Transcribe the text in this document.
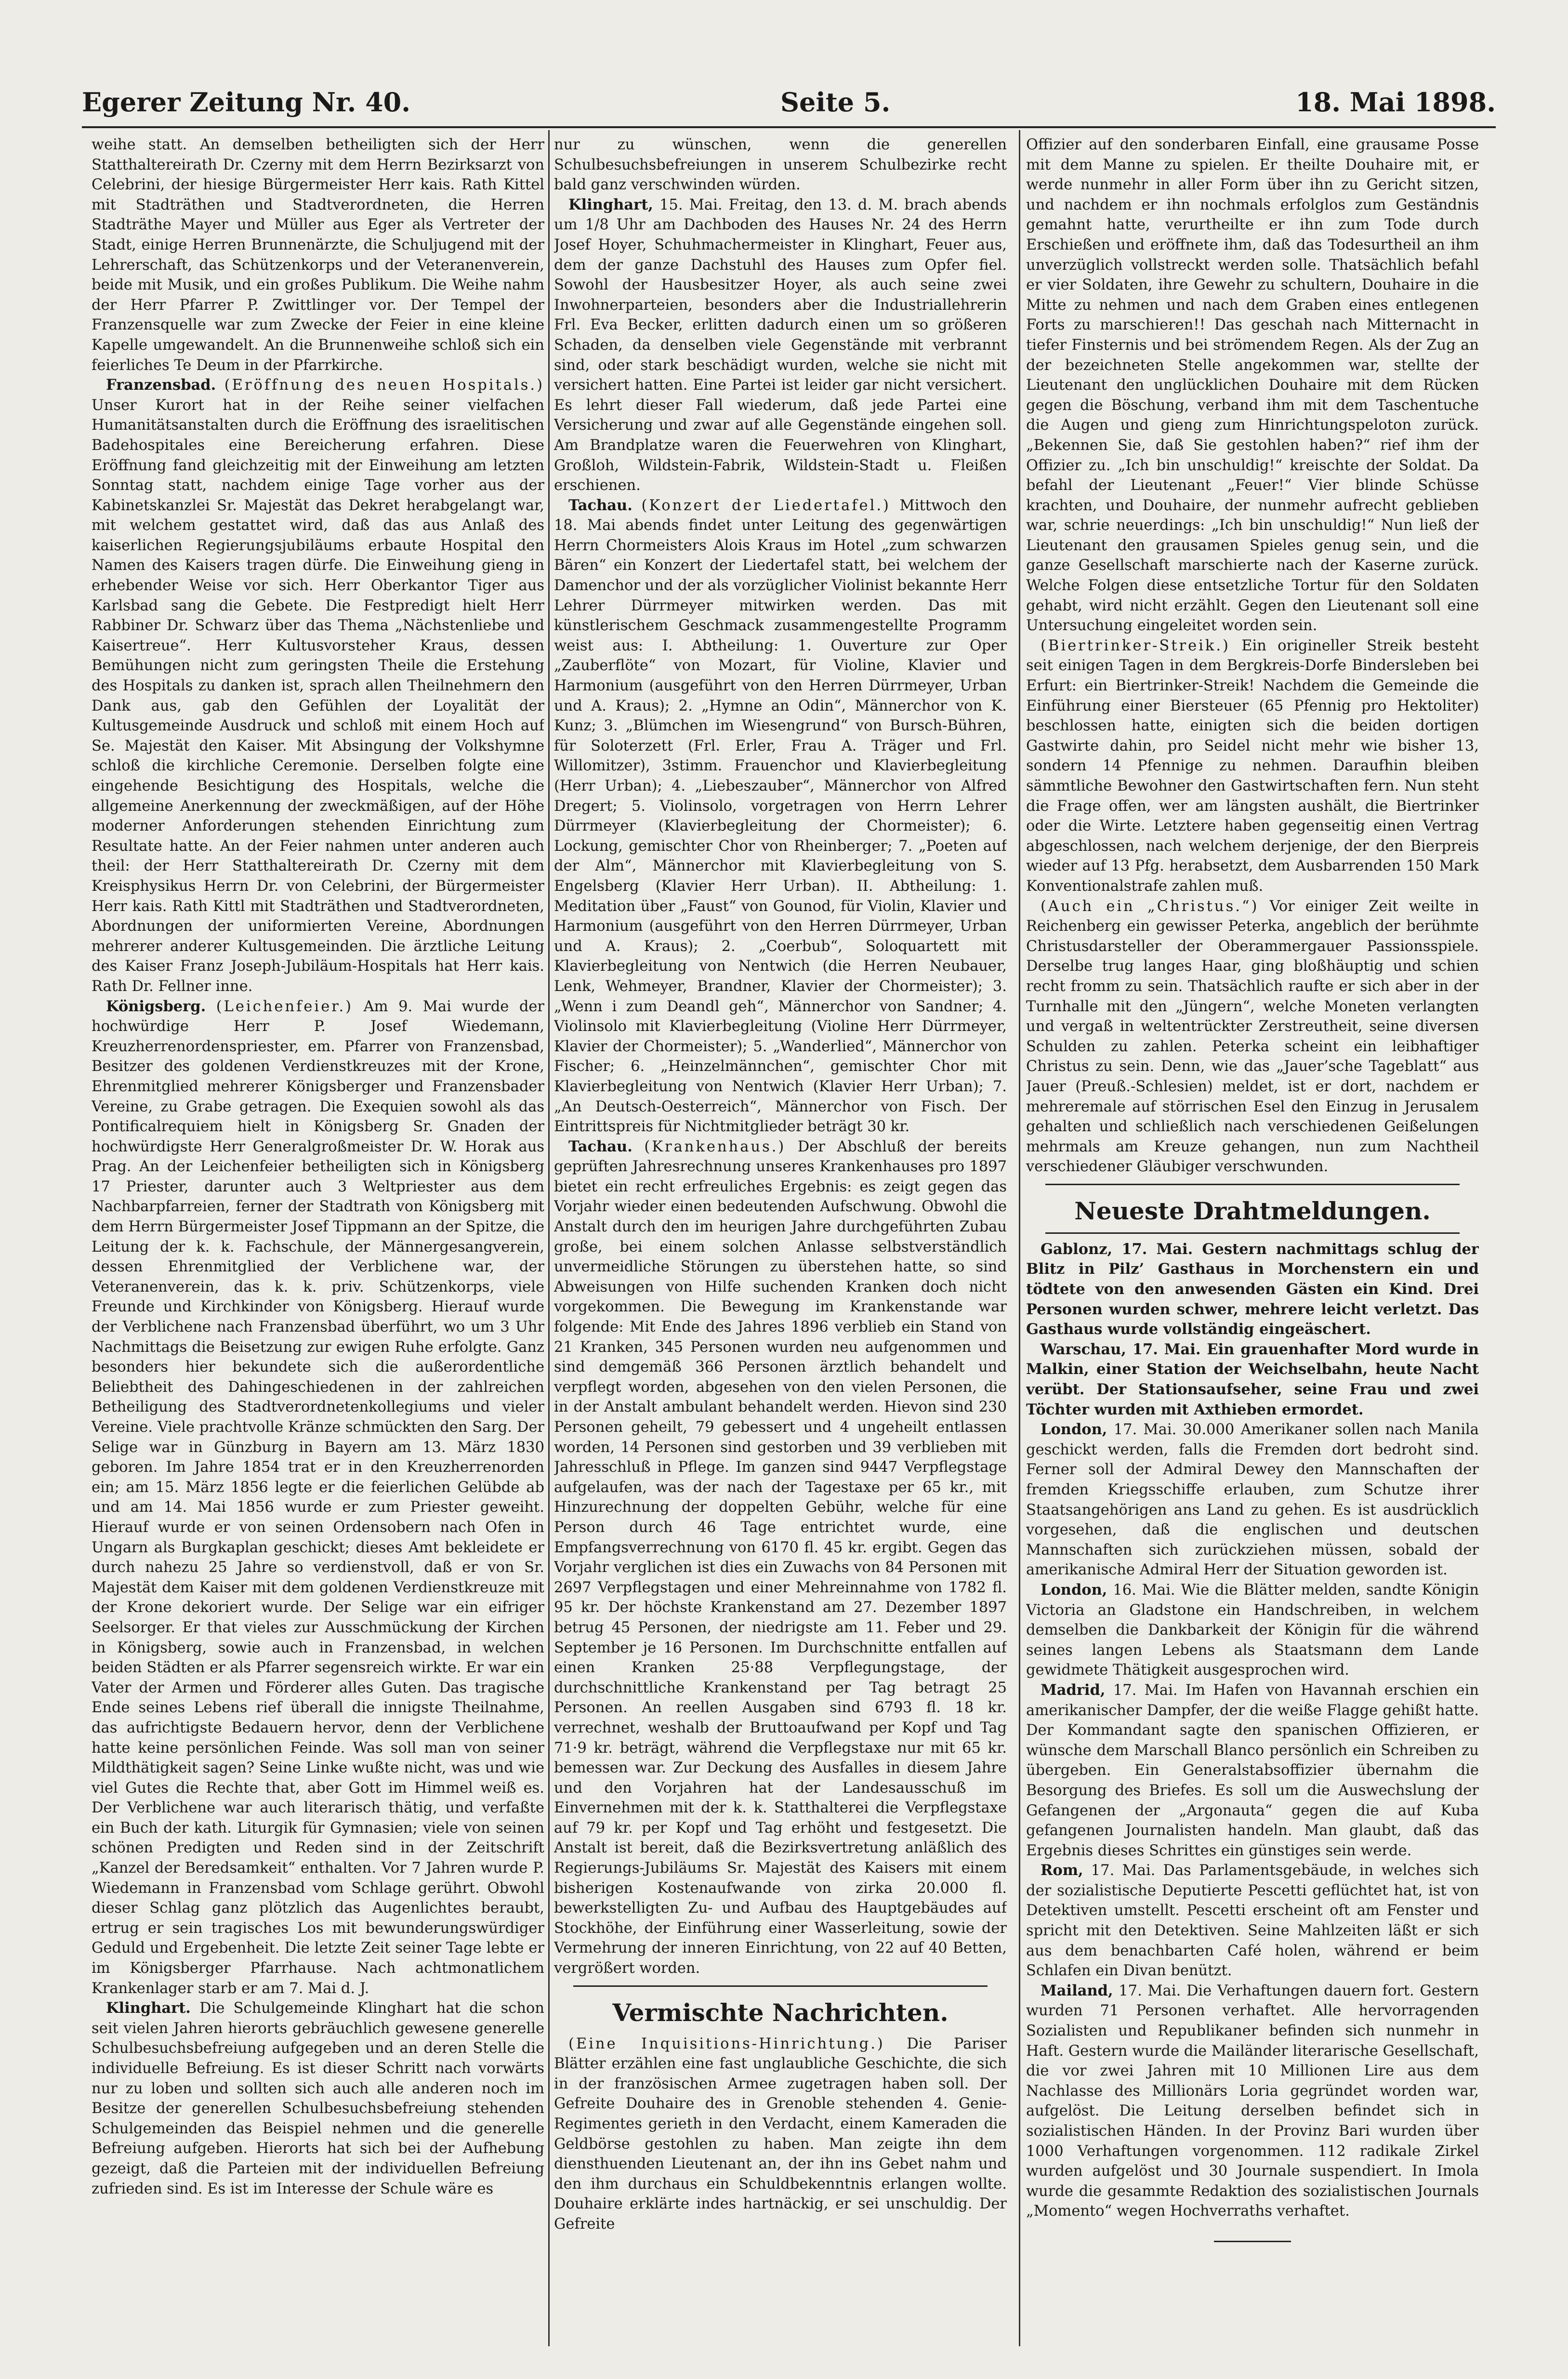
Egerer Zeitung Nr. 40.	Seite 5.	18. Mai 1898.

weihe statt. An demselben betheiligten sich der Herr Statthaltereirath Dr. Czerny mit dem Herrn Bezirksarzt von Celebrini, der hiesige Bürgermeister Herr kais. Rath Kittel mit Stadträthen und Stadtverordneten, die Herren Stadträthe Mayer und Müller aus Eger als Vertreter der Stadt, einige Herren Brunnenärzte, die Schuljugend mit der Lehrerschaft, das Schützenkorps und der Veteranenverein, beide mit Musik, und ein großes Publikum. Die Weihe nahm der Herr Pfarrer P. Zwittlinger vor. Der Tempel der Franzensquelle war zum Zwecke der Feier in eine kleine Kapelle umgewandelt. An die Brunnenweihe schloß sich ein feierliches Te Deum in der Pfarrkirche.

Franzensbad. (Eröffnung des neuen Hospitals.) Unser Kurort hat in der Reihe seiner vielfachen Humanitätsanstalten durch die Eröffnung des israelitischen Badehospitales eine Bereicherung erfahren. Diese Eröffnung fand gleichzeitig mit der Einweihung am letzten Sonntag statt, nachdem einige Tage vorher aus der Kabinetskanzlei Sr. Majestät das Dekret herabgelangt war, mit welchem gestattet wird, daß das aus Anlaß des kaiserlichen Regierungsjubiläums erbaute Hospital den Namen des Kaisers tragen dürfe. Die Einweihung gieng in erhebender Weise vor sich. Herr Oberkantor Tiger aus Karlsbad sang die Gebete. Die Festpredigt hielt Herr Rabbiner Dr. Schwarz über das Thema „Nächstenliebe und Kaisertreue“. Herr Kultusvorsteher Kraus, dessen Bemühungen nicht zum geringsten Theile die Erstehung des Hospitals zu danken ist, sprach allen Theilnehmern den Dank aus, gab den Gefühlen der Loyalität der Kultusgemeinde Ausdruck und schloß mit einem Hoch auf Se. Majestät den Kaiser. Mit Absingung der Volkshymne schloß die kirchliche Ceremonie. Derselben folgte eine eingehende Besichtigung des Hospitals, welche die allgemeine Anerkennung der zweckmäßigen, auf der Höhe moderner Anforderungen stehenden Einrichtung zum Resultate hatte. An der Feier nahmen unter anderen auch theil: der Herr Statthaltereirath Dr. Czerny mit dem Kreisphysikus Herrn Dr. von Celebrini, der Bürgermeister Herr kais. Rath Kittl mit Stadträthen und Stadtverordneten, Abordnungen der uniformierten Vereine, Abordnungen mehrerer anderer Kultusgemeinden. Die ärztliche Leitung des Kaiser Franz Joseph-Jubiläum-Hospitals hat Herr kais. Rath Dr. Fellner inne.

Königsberg. (Leichenfeier.) Am 9. Mai wurde der hochwürdige Herr P. Josef Wiedemann, Kreuzherrenordenspriester, em. Pfarrer von Franzensbad, Besitzer des goldenen Verdienstkreuzes mit der Krone, Ehrenmitglied mehrerer Königsberger und Franzensbader Vereine, zu Grabe getragen. Die Exequien sowohl als das Pontificalrequiem hielt in Königsberg Sr. Gnaden der hochwürdigste Herr Generalgroßmeister Dr. W. Horak aus Prag. An der Leichenfeier betheiligten sich in Königsberg 17 Priester, darunter auch 3 Weltpriester aus dem Nachbarpfarreien, ferner der Stadtrath von Königsberg mit dem Herrn Bürgermeister Josef Tippmann an der Spitze, die Leitung der k. k. Fachschule, der Männergesangverein, dessen Ehrenmitglied der Verblichene war, der Veteranenverein, das k. k. priv. Schützenkorps, viele Freunde und Kirchkinder von Königsberg. Hierauf wurde der Verblichene nach Franzensbad überführt, wo um 3 Uhr Nachmittags die Beisetzung zur ewigen Ruhe erfolgte. Ganz besonders hier bekundete sich die außerordentliche Beliebtheit des Dahingeschiedenen in der zahlreichen Betheiligung des Stadtverordnetenkollegiums und vieler Vereine. Viele prachtvolle Kränze schmückten den Sarg. Der Selige war in Günzburg in Bayern am 13. März 1830 geboren. Im Jahre 1854 trat er in den Kreuzherrenorden ein; am 15. März 1856 legte er die feierlichen Gelübde ab und am 14. Mai 1856 wurde er zum Priester geweiht. Hierauf wurde er von seinen Ordensobern nach Ofen in Ungarn als Burgkaplan geschickt; dieses Amt bekleidete er durch nahezu 25 Jahre so verdienstvoll, daß er von Sr. Majestät dem Kaiser mit dem goldenen Verdienstkreuze mit der Krone dekoriert wurde. Der Selige war ein eifriger Seelsorger. Er that vieles zur Ausschmückung der Kirchen in Königsberg, sowie auch in Franzensbad, in welchen beiden Städten er als Pfarrer segensreich wirkte. Er war ein Vater der Armen und Förderer alles Guten. Das tragische Ende seines Lebens rief überall die innigste Theilnahme, das aufrichtigste Bedauern hervor, denn der Verblichene hatte keine persönlichen Feinde. Was soll man von seiner Mildthätigkeit sagen? Seine Linke wußte nicht, was und wie viel Gutes die Rechte that, aber Gott im Himmel weiß es. Der Verblichene war auch literarisch thätig, und verfaßte ein Buch der kath. Liturgik für Gymnasien; viele von seinen schönen Predigten und Reden sind in der Zeitschrift „Kanzel der Beredsamkeit“ enthalten. Vor 7 Jahren wurde P. Wiedemann in Franzensbad vom Schlage gerührt. Obwohl dieser Schlag ganz plötzlich das Augenlichtes beraubt, ertrug er sein tragisches Los mit bewunderungswürdiger Geduld und Ergebenheit. Die letzte Zeit seiner Tage lebte er im Königsberger Pfarrhause. Nach achtmonatlichem Krankenlager starb er am 7. Mai d. J.

Klinghart. Die Schulgemeinde Klinghart hat die schon seit vielen Jahren hierorts gebräuchlich gewesene generelle Schulbesuchsbefreiung aufgegeben und an deren Stelle die individuelle Befreiung. Es ist dieser Schritt nach vorwärts nur zu loben und sollten sich auch alle anderen noch im Besitze der generellen Schulbesuchsbefreiung stehenden Schulgemeinden das Beispiel nehmen und die generelle Befreiung aufgeben. Hierorts hat sich bei der Aufhebung gezeigt, daß die Parteien mit der individuellen Befreiung zufrieden sind. Es ist im Interesse der Schule wäre es

nur zu wünschen, wenn die generellen Schulbesuchsbefreiungen in unserem Schulbezirke recht bald ganz verschwinden würden.

Klinghart, 15. Mai. Freitag, den 13. d. M. brach abends um 1/8 Uhr am Dachboden des Hauses Nr. 24 des Herrn Josef Hoyer, Schuhmachermeister in Klinghart, Feuer aus, dem der ganze Dachstuhl des Hauses zum Opfer fiel. Sowohl der Hausbesitzer Hoyer, als auch seine zwei Inwohnerparteien, besonders aber die Industriallehrerin Frl. Eva Becker, erlitten dadurch einen um so größeren Schaden, da denselben viele Gegenstände mit verbrannt sind, oder stark beschädigt wurden, welche sie nicht mit versichert hatten. Eine Partei ist leider gar nicht versichert. Es lehrt dieser Fall wiederum, daß jede Partei eine Versicherung und zwar auf alle Gegenstände eingehen soll. Am Brandplatze waren die Feuerwehren von Klinghart, Großloh, Wildstein-Fabrik, Wildstein-Stadt u. Fleißen erschienen.

Tachau. (Konzert der Liedertafel.) Mittwoch den 18. Mai abends findet unter Leitung des gegenwärtigen Herrn Chormeisters Alois Kraus im Hotel „zum schwarzen Bären“ ein Konzert der Liedertafel statt, bei welchem der Damenchor und der als vorzüglicher Violinist bekannte Herr Lehrer Dürrmeyer mitwirken werden. Das mit künstlerischem Geschmack zusammengestellte Programm weist aus: I. Abtheilung: 1. Ouverture zur Oper „Zauberflöte“ von Mozart, für Violine, Klavier und Harmonium (ausgeführt von den Herren Dürrmeyer, Urban und A. Kraus); 2. „Hymne an Odin“, Männerchor von K. Kunz; 3. „Blümchen im Wiesengrund“ von Bursch-Bühren, für Soloterzett (Frl. Erler, Frau A. Träger und Frl. Willomitzer), 3stimm. Frauenchor und Klavierbegleitung (Herr Urban); 4. „Liebeszauber“, Männerchor von Alfred Dregert; 5. Violinsolo, vorgetragen von Herrn Lehrer Dürrmeyer (Klavierbegleitung der Chormeister); 6. Lockung, gemischter Chor von Rheinberger; 7. „Poeten auf der Alm“, Männerchor mit Klavierbegleitung von S. Engelsberg (Klavier Herr Urban). II. Abtheilung: 1. Meditation über „Faust“ von Gounod, für Violin, Klavier und Harmonium (ausgeführt von den Herren Dürrmeyer, Urban und A. Kraus); 2. „Coerbub“, Soloquartett mit Klavierbegleitung von Nentwich (die Herren Neubauer, Lenk, Wehmeyer, Brandner, Klavier der Chormeister); 3. „Wenn i zum Deandl geh“, Männerchor von Sandner; 4. Violinsolo mit Klavierbegleitung (Violine Herr Dürrmeyer, Klavier der Chormeister); 5. „Wanderlied“, Männerchor von Fischer; 6. „Heinzelmännchen“, gemischter Chor mit Klavierbegleitung von Nentwich (Klavier Herr Urban); 7. „An Deutsch-Oesterreich“, Männerchor von Fisch. Der Eintrittspreis für Nichtmitglieder beträgt 30 kr.

Tachau. (Krankenhaus.) Der Abschluß der bereits geprüften Jahresrechnung unseres Krankenhauses pro 1897 bietet ein recht erfreuliches Ergebnis: es zeigt gegen das Vorjahr wieder einen bedeutenden Aufschwung. Obwohl die Anstalt durch den im heurigen Jahre durchgeführten Zubau große, bei einem solchen Anlasse selbstverständlich unvermeidliche Störungen zu überstehen hatte, so sind Abweisungen von Hilfe suchenden Kranken doch nicht vorgekommen. Die Bewegung im Krankenstande war folgende: Mit Ende des Jahres 1896 verblieb ein Stand von 21 Kranken, 345 Personen wurden neu aufgenommen und sind demgemäß 366 Personen ärztlich behandelt und verpflegt worden, abgesehen von den vielen Personen, die in der Anstalt ambulant behandelt werden. Hievon sind 230 Personen geheilt, 79 gebessert und 4 ungeheilt entlassen worden, 14 Personen sind gestorben und 39 verblieben mit Jahresschluß in Pflege. Im ganzen sind 9447 Verpflegstage aufgelaufen, was der nach der Tagestaxe per 65 kr., mit Hinzurechnung der doppelten Gebühr, welche für eine Person durch 46 Tage entrichtet wurde, eine Empfangsverrechnung von 6170 fl. 45 kr. ergibt. Gegen das Vorjahr verglichen ist dies ein Zuwachs von 84 Personen mit 2697 Verpflegstagen und einer Mehreinnahme von 1782 fl. 95 kr. Der höchste Krankenstand am 27. Dezember 1897 betrug 45 Personen, der niedrigste am 11. Feber und 29. September je 16 Personen. Im Durchschnitte entfallen auf einen Kranken 25·88 Verpflegungstage, der durchschnittliche Krankenstand per Tag betragt 25 Personen. An reellen Ausgaben sind 6793 fl. 18 kr. verrechnet, weshalb der Bruttoaufwand per Kopf und Tag 71·9 kr. beträgt, während die Verpflegstaxe nur mit 65 kr. bemessen war. Zur Deckung des Ausfalles in diesem Jahre und den Vorjahren hat der Landesausschuß im Einvernehmen mit der k. k. Statthalterei die Verpflegstaxe auf 79 kr. per Kopf und Tag erhöht und festgesetzt. Die Anstalt ist bereit, daß die Bezirksvertretung anläßlich des Regierungs-Jubiläums Sr. Majestät des Kaisers mit einem bisherigen Kostenaufwande von zirka 20.000 fl. bewerkstelligten Zu- und Aufbau des Hauptgebäudes auf Stockhöhe, der Einführung einer Wasserleitung, sowie der Vermehrung der inneren Einrichtung, von 22 auf 40 Betten, vergrößert worden.

Vermischte Nachrichten.

(Eine Inquisitions-Hinrichtung.) Die Pariser Blätter erzählen eine fast unglaubliche Geschichte, die sich in der französischen Armee zugetragen haben soll. Der Gefreite Douhaire des in Grenoble stehenden 4. Genie-Regimentes gerieth in den Verdacht, einem Kameraden die Geldbörse gestohlen zu haben. Man zeigte ihn dem diensthuenden Lieutenant an, der ihn ins Gebet nahm und den ihm durchaus ein Schuldbekenntnis erlangen wollte. Douhaire erklärte indes hartnäckig, er sei unschuldig. Der Gefreite

Offizier auf den sonderbaren Einfall, eine grausame Posse mit dem Manne zu spielen. Er theilte Douhaire mit, er werde nunmehr in aller Form über ihn zu Gericht sitzen, und nachdem er ihn nochmals erfolglos zum Geständnis gemahnt hatte, verurtheilte er ihn zum Tode durch Erschießen und eröffnete ihm, daß das Todesurtheil an ihm unverzüglich vollstreckt werden solle. Thatsächlich befahl er vier Soldaten, ihre Gewehr zu schultern, Douhaire in die Mitte zu nehmen und nach dem Graben eines entlegenen Forts zu marschieren!! Das geschah nach Mitternacht in tiefer Finsternis und bei strömendem Regen. Als der Zug an der bezeichneten Stelle angekommen war, stellte der Lieutenant den unglücklichen Douhaire mit dem Rücken gegen die Böschung, verband ihm mit dem Taschentuche die Augen und gieng zum Hinrichtungspeloton zurück. „Bekennen Sie, daß Sie gestohlen haben?“ rief ihm der Offizier zu. „Ich bin unschuldig!“ kreischte der Soldat. Da befahl der Lieutenant „Feuer!“ Vier blinde Schüsse krachten, und Douhaire, der nunmehr aufrecht geblieben war, schrie neuerdings: „Ich bin unschuldig!“ Nun ließ der Lieutenant den grausamen Spieles genug sein, und die ganze Gesellschaft marschierte nach der Kaserne zurück. Welche Folgen diese entsetzliche Tortur für den Soldaten gehabt, wird nicht erzählt. Gegen den Lieutenant soll eine Untersuchung eingeleitet worden sein.

(Biertrinker-Streik.) Ein origineller Streik besteht seit einigen Tagen in dem Bergkreis-Dorfe Bindersleben bei Erfurt: ein Biertrinker-Streik! Nachdem die Gemeinde die Einführung einer Biersteuer (65 Pfennig pro Hektoliter) beschlossen hatte, einigten sich die beiden dortigen Gastwirte dahin, pro Seidel nicht mehr wie bisher 13, sondern 14 Pfennige zu nehmen. Daraufhin bleiben sämmtliche Bewohner den Gastwirtschaften fern. Nun steht die Frage offen, wer am längsten aushält, die Biertrinker oder die Wirte. Letztere haben gegenseitig einen Vertrag abgeschlossen, nach welchem derjenige, der den Bierpreis wieder auf 13 Pfg. herabsetzt, dem Ausbarrenden 150 Mark Konventionalstrafe zahlen muß.

(Auch ein „Christus.“) Vor einiger Zeit weilte in Reichenberg ein gewisser Peterka, angeblich der berühmte Christusdarsteller der Oberammergauer Passionsspiele. Derselbe trug langes Haar, ging bloßhäuptig und schien recht fromm zu sein. Thatsächlich raufte er sich aber in der Turnhalle mit den „Jüngern“, welche Moneten verlangten und vergaß in weltentrückter Zerstreutheit, seine diversen Schulden zu zahlen. Peterka scheint ein leibhaftiger Christus zu sein. Denn, wie das „Jauer’sche Tageblatt“ aus Jauer (Preuß.-Schlesien) meldet, ist er dort, nachdem er mehreremale auf störrischen Esel den Einzug in Jerusalem gehalten und schließlich nach verschiedenen Geißelungen mehrmals am Kreuze gehangen, nun zum Nachtheil verschiedener Gläubiger verschwunden.

Neueste Drahtmeldungen.

Gablonz, 17. Mai. Gestern nachmittags schlug der Blitz in Pilz’ Gasthaus in Morchenstern ein und tödtete von den anwesenden Gästen ein Kind. Drei Personen wurden schwer, mehrere leicht verletzt. Das Gasthaus wurde vollständig eingeäschert.

Warschau, 17. Mai. Ein grauenhafter Mord wurde in Malkin, einer Station der Weichselbahn, heute Nacht verübt. Der Stationsaufseher, seine Frau und zwei Töchter wurden mit Axthieben ermordet.

London, 17. Mai. 30.000 Amerikaner sollen nach Manila geschickt werden, falls die Fremden dort bedroht sind. Ferner soll der Admiral Dewey den Mannschaften der fremden Kriegsschiffe erlauben, zum Schutze ihrer Staatsangehörigen ans Land zu gehen. Es ist ausdrücklich vorgesehen, daß die englischen und deutschen Mannschaften sich zurückziehen müssen, sobald der amerikanische Admiral Herr der Situation geworden ist.

London, 16. Mai. Wie die Blätter melden, sandte Königin Victoria an Gladstone ein Handschreiben, in welchem demselben die Dankbarkeit der Königin für die während seines langen Lebens als Staatsmann dem Lande gewidmete Thätigkeit ausgesprochen wird.

Madrid, 17. Mai. Im Hafen von Havannah erschien ein amerikanischer Dampfer, der die weiße Flagge gehißt hatte. Der Kommandant sagte den spanischen Offizieren, er wünsche dem Marschall Blanco persönlich ein Schreiben zu übergeben. Ein Generalstabsoffizier übernahm die Besorgung des Briefes. Es soll um die Auswechslung der Gefangenen der „Argonauta“ gegen die auf Kuba gefangenen Journalisten handeln. Man glaubt, daß das Ergebnis dieses Schrittes ein günstiges sein werde.

Rom, 17. Mai. Das Parlamentsgebäude, in welches sich der sozialistische Deputierte Pescetti geflüchtet hat, ist von Detektiven umstellt. Pescetti erscheint oft am Fenster und spricht mit den Detektiven. Seine Mahlzeiten läßt er sich aus dem benachbarten Café holen, während er beim Schlafen ein Divan benützt.

Mailand, 17. Mai. Die Verhaftungen dauern fort. Gestern wurden 71 Personen verhaftet. Alle hervorragenden Sozialisten und Republikaner befinden sich nunmehr in Haft. Gestern wurde die Mailänder literarische Gesellschaft, die vor zwei Jahren mit 10 Millionen Lire aus dem Nachlasse des Millionärs Loria gegründet worden war, aufgelöst. Die Leitung derselben befindet sich in sozialistischen Händen. In der Provinz Bari wurden über 1000 Verhaftungen vorgenommen. 112 radikale Zirkel wurden aufgelöst und 30 Journale suspendiert. In Imola wurde die gesammte Redaktion des sozialistischen Journals „Momento“ wegen Hochverraths verhaftet.
